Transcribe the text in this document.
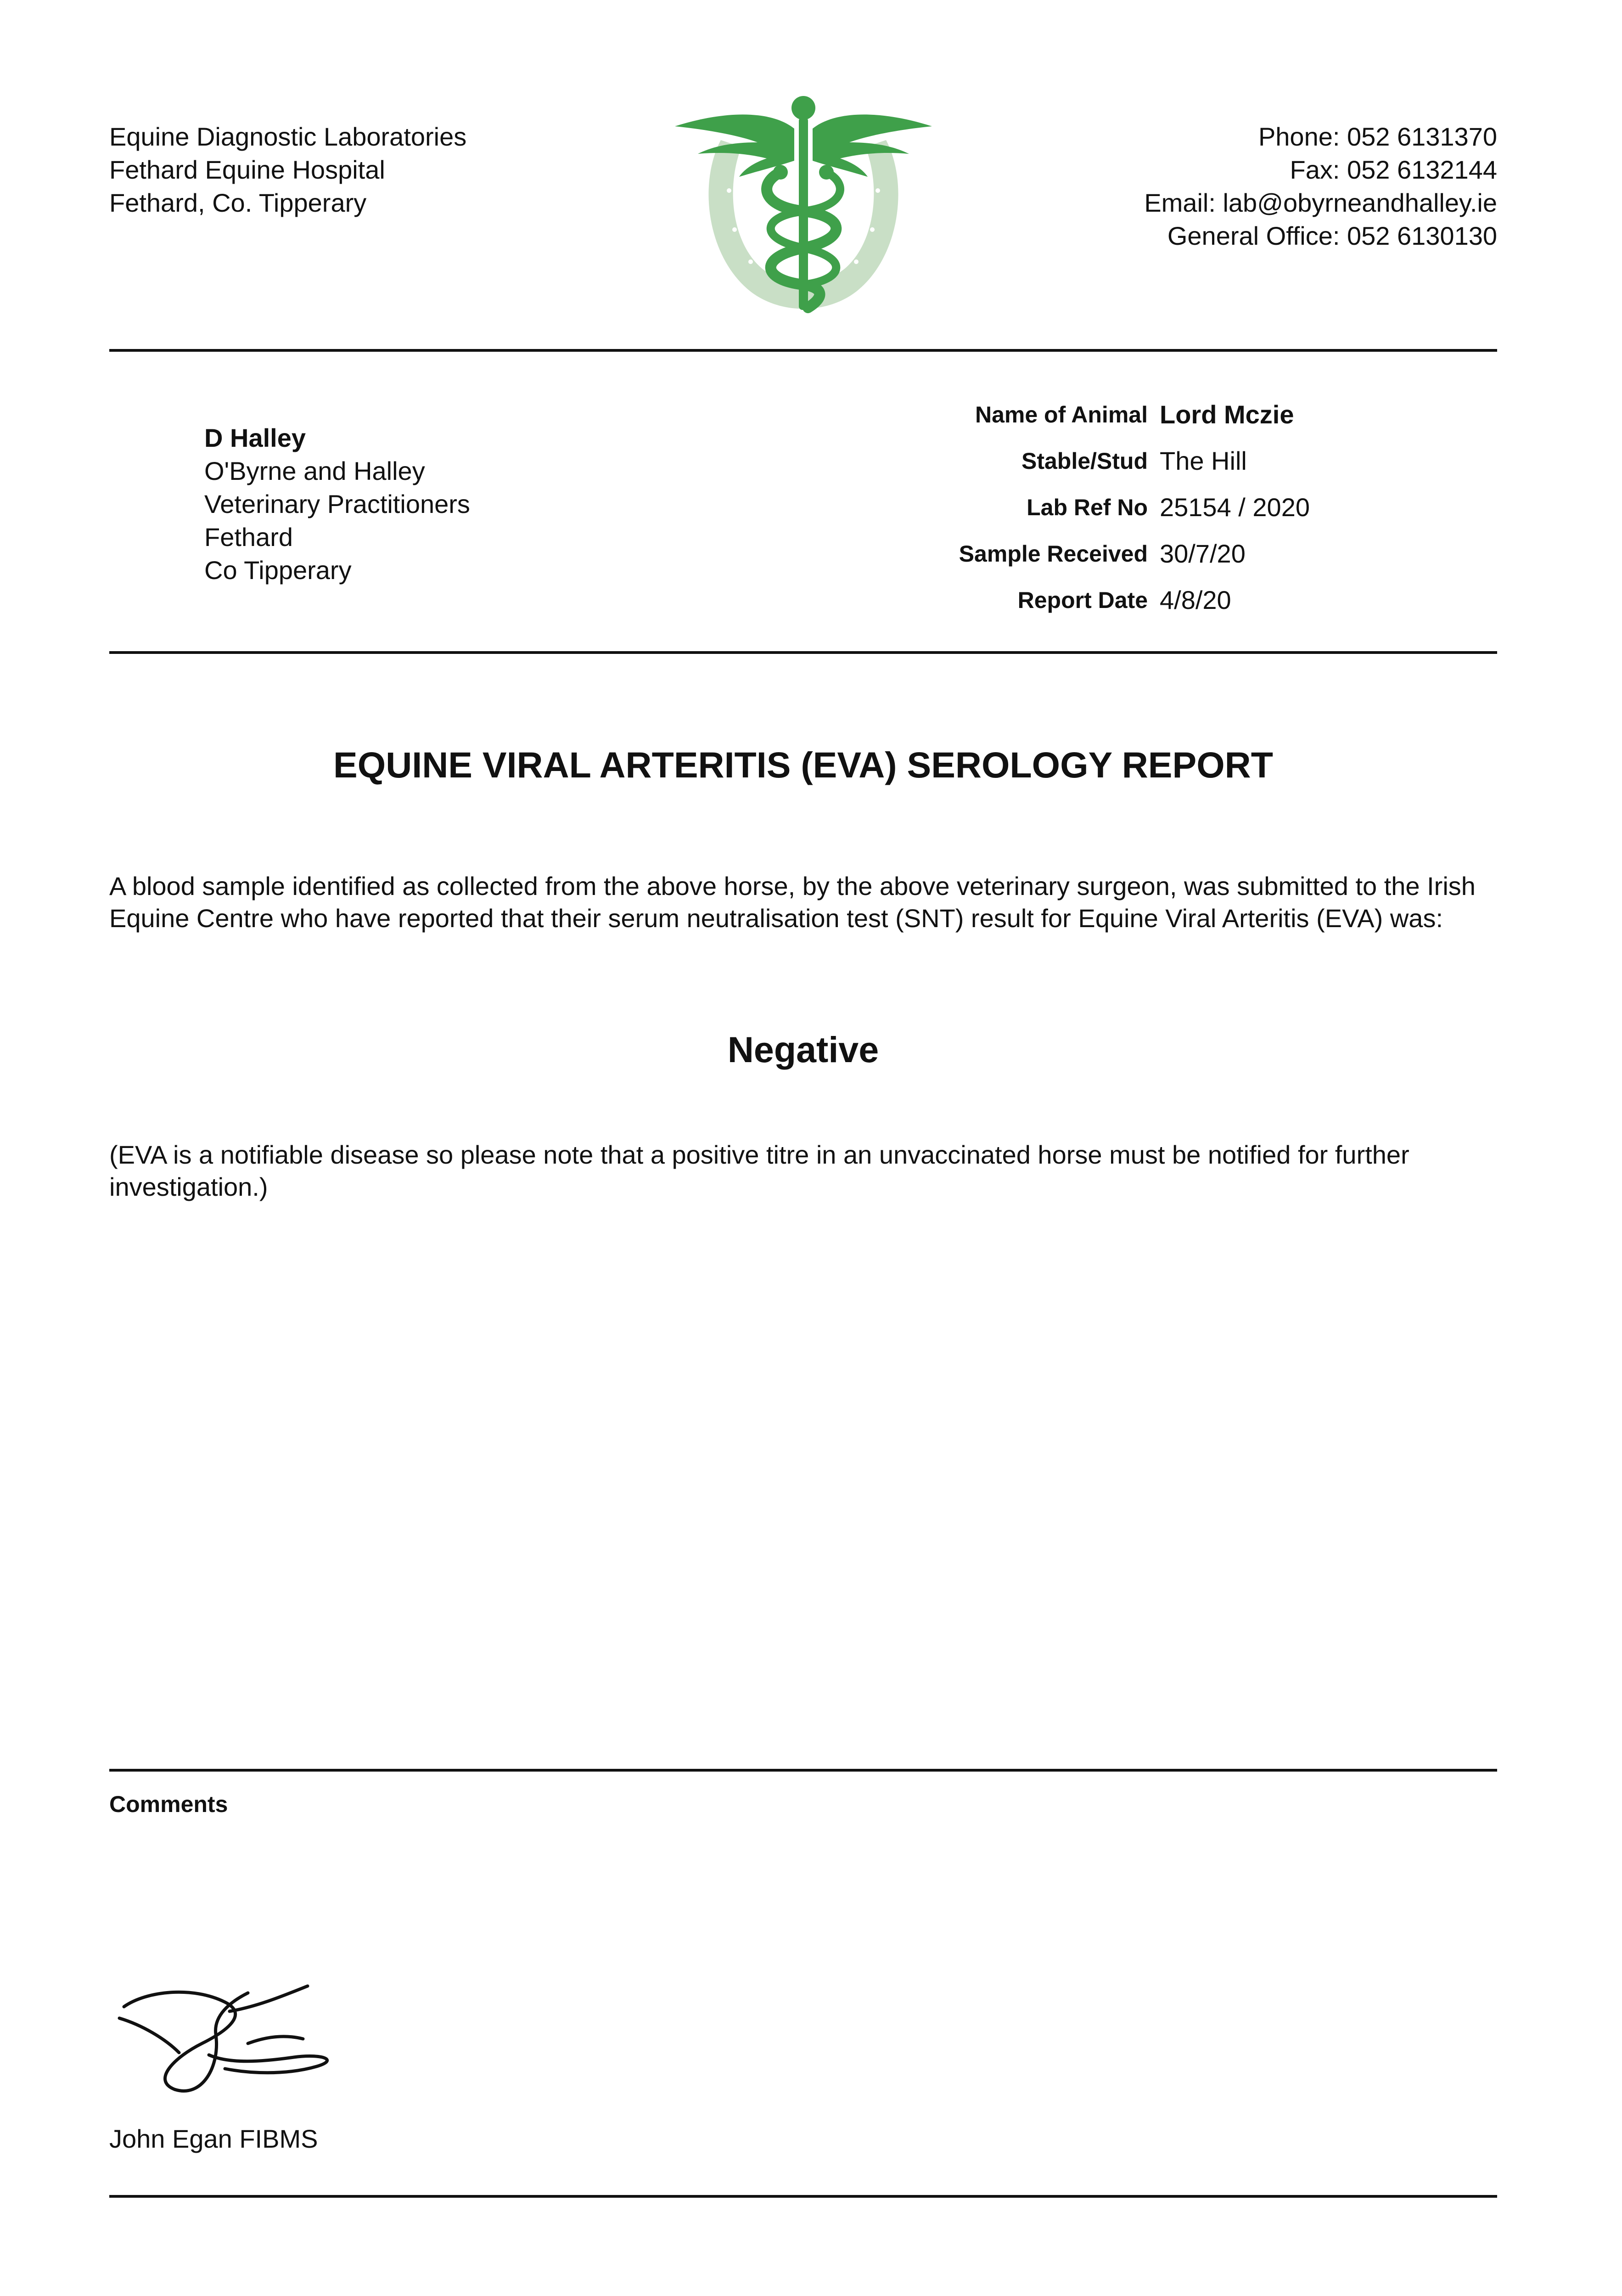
Equine Diagnostic Laboratories
Fethard Equine Hospital
Fethard, Co. Tipperary
Phone: 052 6131370
Fax: 052 6132144
Email: lab@obyrneandhalley.ie
General Office: 052 6130130
D Halley
O'Byrne and Halley
Veterinary Practitioners
Fethard
Co Tipperary
Name of Animal Lord Mczie
Stable/Stud The Hill
Lab Ref No 25154 / 2020
Sample Received 30/7/20
Report Date 4/8/20
EQUINE VIRAL ARTERITIS (EVA) SEROLOGY REPORT
A blood sample identified as collected from the above horse, by the above veterinary surgeon, was submitted to the Irish Equine Centre who have reported that their serum neutralisation test (SNT) result for Equine Viral Arteritis (EVA) was:
Negative
(EVA is a notifiable disease so please note that a positive titre in an unvaccinated horse must be notified for further investigation.)
Comments
John Egan FIBMS
